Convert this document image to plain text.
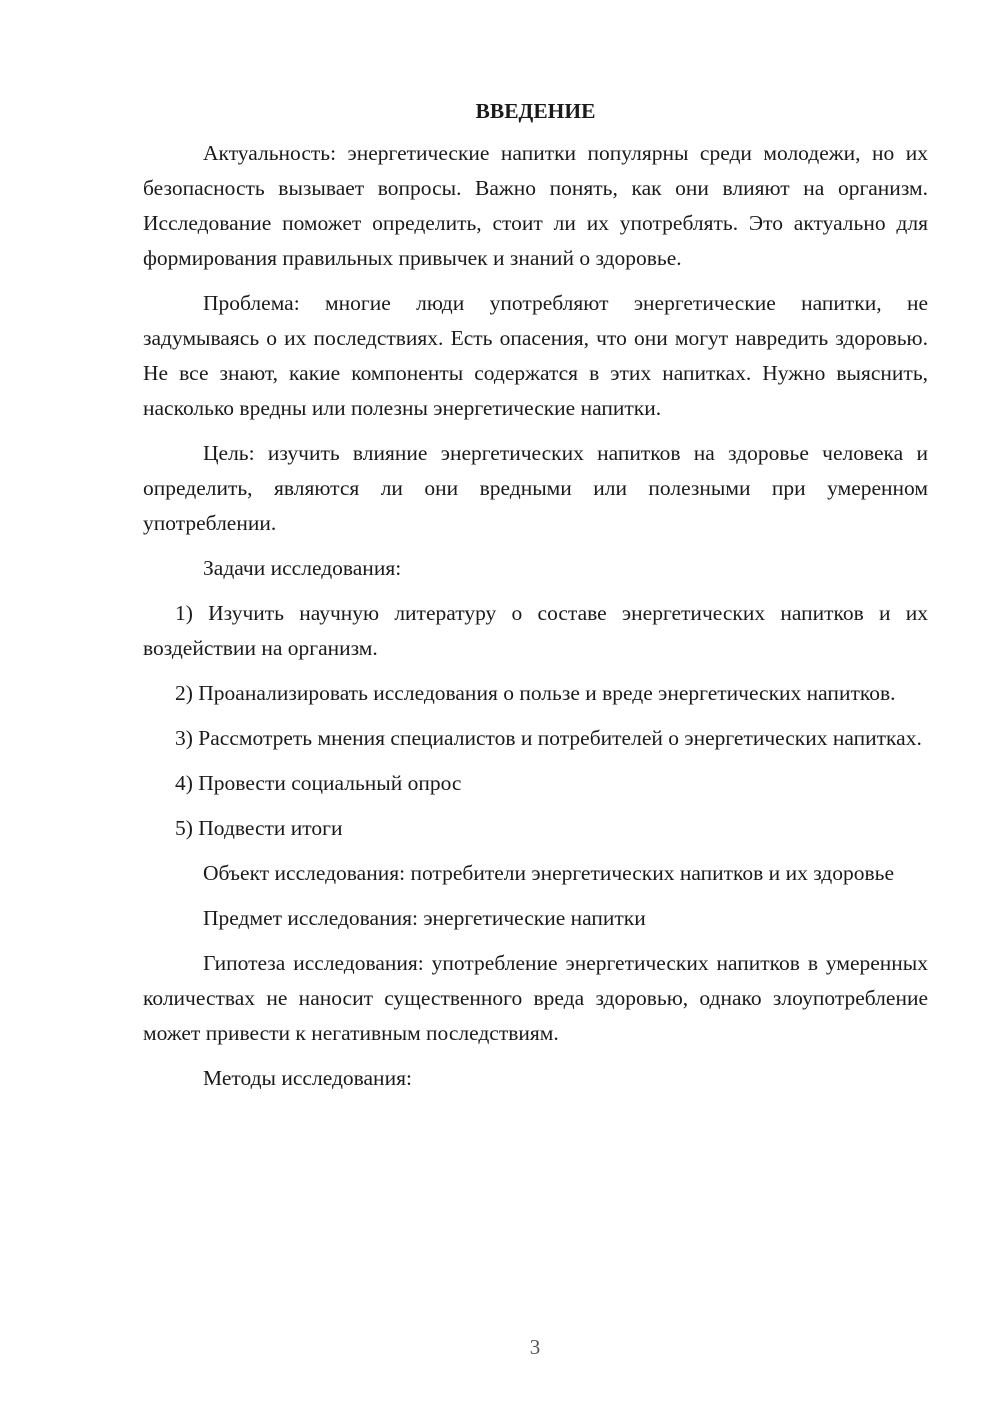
ВВЕДЕНИЕ

Актуальность: энергетические напитки популярны среди молодежи, но их безопасность вызывает вопросы. Важно понять, как они влияют на организм. Исследование поможет определить, стоит ли их употреблять. Это актуально для формирования правильных привычек и знаний о здоровье.

Проблема: многие люди употребляют энергетические напитки, не задумываясь о их последствиях. Есть опасения, что они могут навредить здоровью. Не все знают, какие компоненты содержатся в этих напитках. Нужно выяснить, насколько вредны или полезны энергетические напитки.

Цель: изучить влияние энергетических напитков на здоровье человека и определить, являются ли они вредными или полезными при умеренном употреблении.

Задачи исследования:

1) Изучить научную литературу о составе энергетических напитков и их воздействии на организм.

2) Проанализировать исследования о пользе и вреде энергетических напитков.

3) Рассмотреть мнения специалистов и потребителей о энергетических напитках.

4) Провести социальный опрос

5) Подвести итоги

Объект исследования: потребители энергетических напитков и их здоровье

Предмет исследования: энергетические напитки

Гипотеза исследования: употребление энергетических напитков в умеренных количествах не наносит существенного вреда здоровью, однако злоупотребление может привести к негативным последствиям.

Методы исследования:

3
